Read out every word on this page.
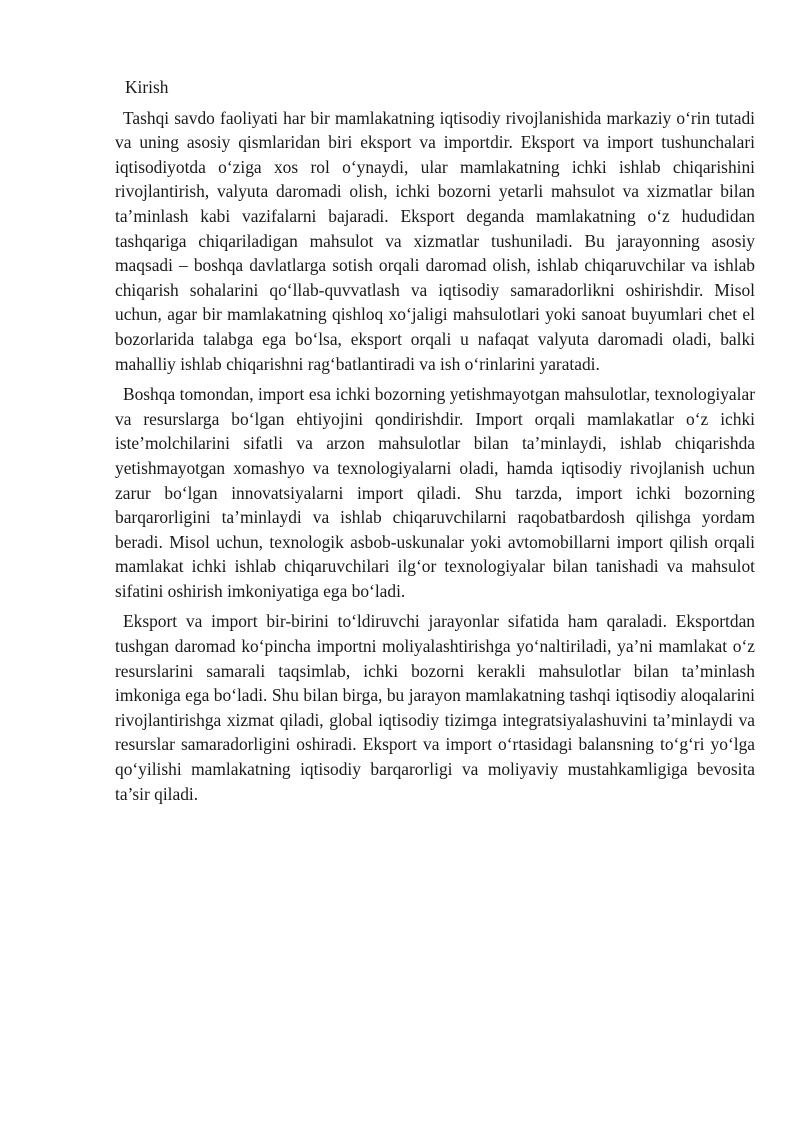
Kirish

Tashqi savdo faoliyati har bir mamlakatning iqtisodiy rivojlanishida markaziy o‘rin tutadi va uning asosiy qismlaridan biri eksport va importdir. Eksport va import tushunchalari iqtisodiyotda o‘ziga xos rol o‘ynaydi, ular mamlakatning ichki ishlab chiqarishini rivojlantirish, valyuta daromadi olish, ichki bozorni yetarli mahsulot va xizmatlar bilan ta’minlash kabi vazifalarni bajaradi. Eksport deganda mamlakatning o‘z hududidan tashqariga chiqariladigan mahsulot va xizmatlar tushuniladi. Bu jarayonning asosiy maqsadi – boshqa davlatlarga sotish orqali daromad olish, ishlab chiqaruvchilar va ishlab chiqarish sohalarini qo‘llab-quvvatlash va iqtisodiy samaradorlikni oshirishdir. Misol uchun, agar bir mamlakatning qishloq xo‘jaligi mahsulotlari yoki sanoat buyumlari chet el bozorlarida talabga ega bo‘lsa, eksport orqali u nafaqat valyuta daromadi oladi, balki mahalliy ishlab chiqarishni rag‘batlantiradi va ish o‘rinlarini yaratadi.

Boshqa tomondan, import esa ichki bozorning yetishmayotgan mahsulotlar, texnologiyalar va resurslarga bo‘lgan ehtiyojini qondirishdir. Import orqali mamlakatlar o‘z ichki iste’molchilarini sifatli va arzon mahsulotlar bilan ta’minlaydi, ishlab chiqarishda yetishmayotgan xomashyo va texnologiyalarni oladi, hamda iqtisodiy rivojlanish uchun zarur bo‘lgan innovatsiyalarni import qiladi. Shu tarzda, import ichki bozorning barqarorligini ta’minlaydi va ishlab chiqaruvchilarni raqobatbardosh qilishga yordam beradi. Misol uchun, texnologik asbob-uskunalar yoki avtomobillarni import qilish orqali mamlakat ichki ishlab chiqaruvchilari ilg‘or texnologiyalar bilan tanishadi va mahsulot sifatini oshirish imkoniyatiga ega bo‘ladi.

Eksport va import bir-birini to‘ldiruvchi jarayonlar sifatida ham qaraladi. Eksportdan tushgan daromad ko‘pincha importni moliyalashtirishga yo‘naltiriladi, ya’ni mamlakat o‘z resurslarini samarali taqsimlab, ichki bozorni kerakli mahsulotlar bilan ta’minlash imkoniga ega bo‘ladi. Shu bilan birga, bu jarayon mamlakatning tashqi iqtisodiy aloqalarini rivojlantirishga xizmat qiladi, global iqtisodiy tizimga integratsiyalashuvini ta’minlaydi va resurslar samaradorligini oshiradi. Eksport va import o‘rtasidagi balansning to‘g‘ri yo‘lga qo‘yilishi mamlakatning iqtisodiy barqarorligi va moliyaviy mustahkamligiga bevosita ta’sir qiladi.
